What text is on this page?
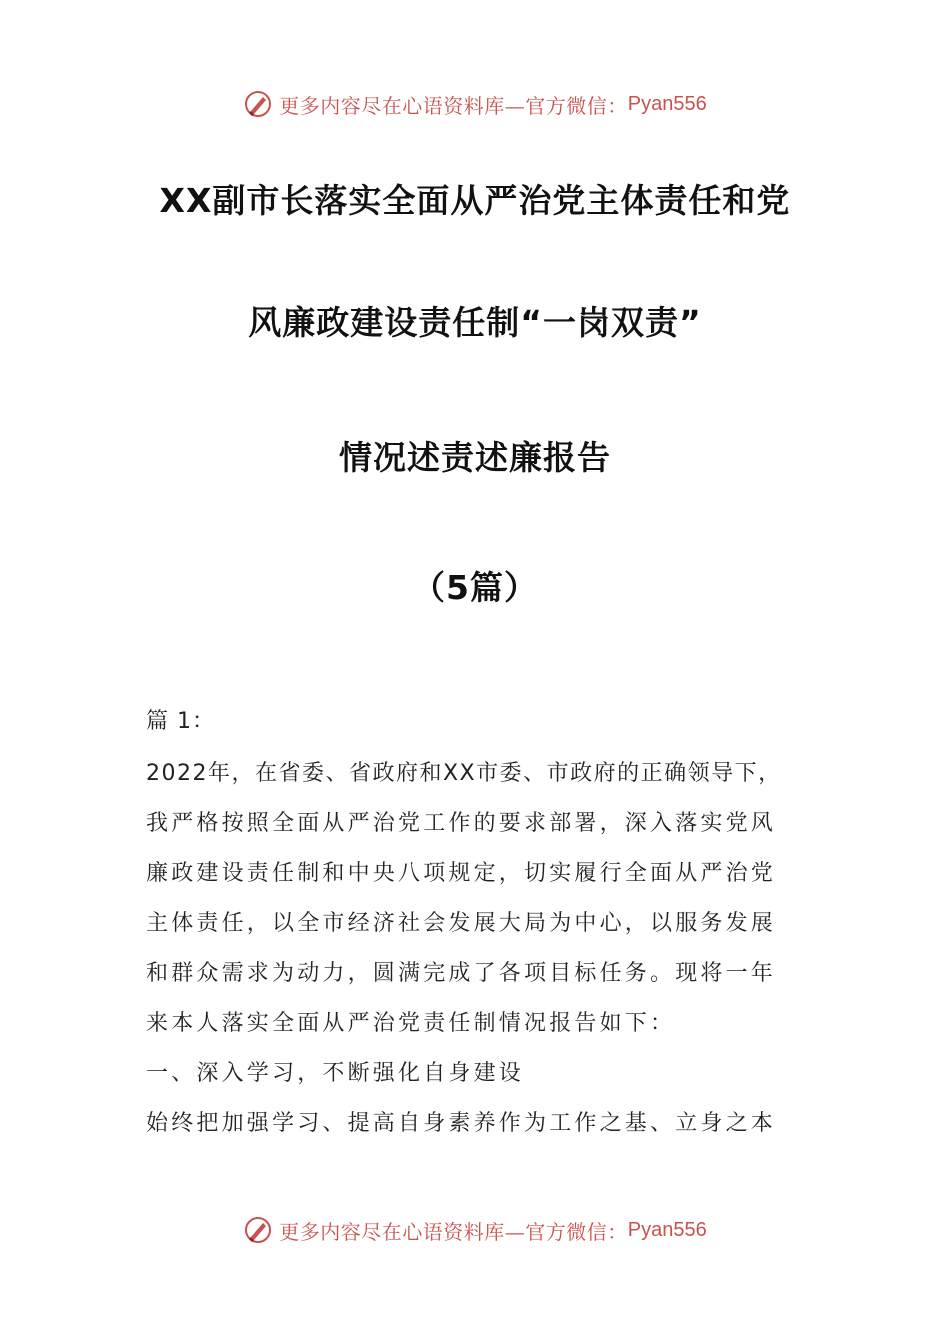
更多内容尽在心语资料库—官方微信： Pyan556
XX副市长落实全面从严治党主体责任和党
风廉政建设责任制“一岗双责”
情况述责述廉报告
（5篇）
篇 1：
2022年，在省委、省政府和XX市委、市政府的正确领导下，
我严格按照全面从严治党工作的要求部署，深入落实党风
廉政建设责任制和中央八项规定，切实履行全面从严治党
主体责任，以全市经济社会发展大局为中心，以服务发展
和群众需求为动力，圆满完成了各项目标任务。现将一年
来本人落实全面从严治党责任制情况报告如下：
一、深入学习，不断强化自身建设
始终把加强学习、提高自身素养作为工作之基、立身之本
更多内容尽在心语资料库—官方微信： Pyan556
